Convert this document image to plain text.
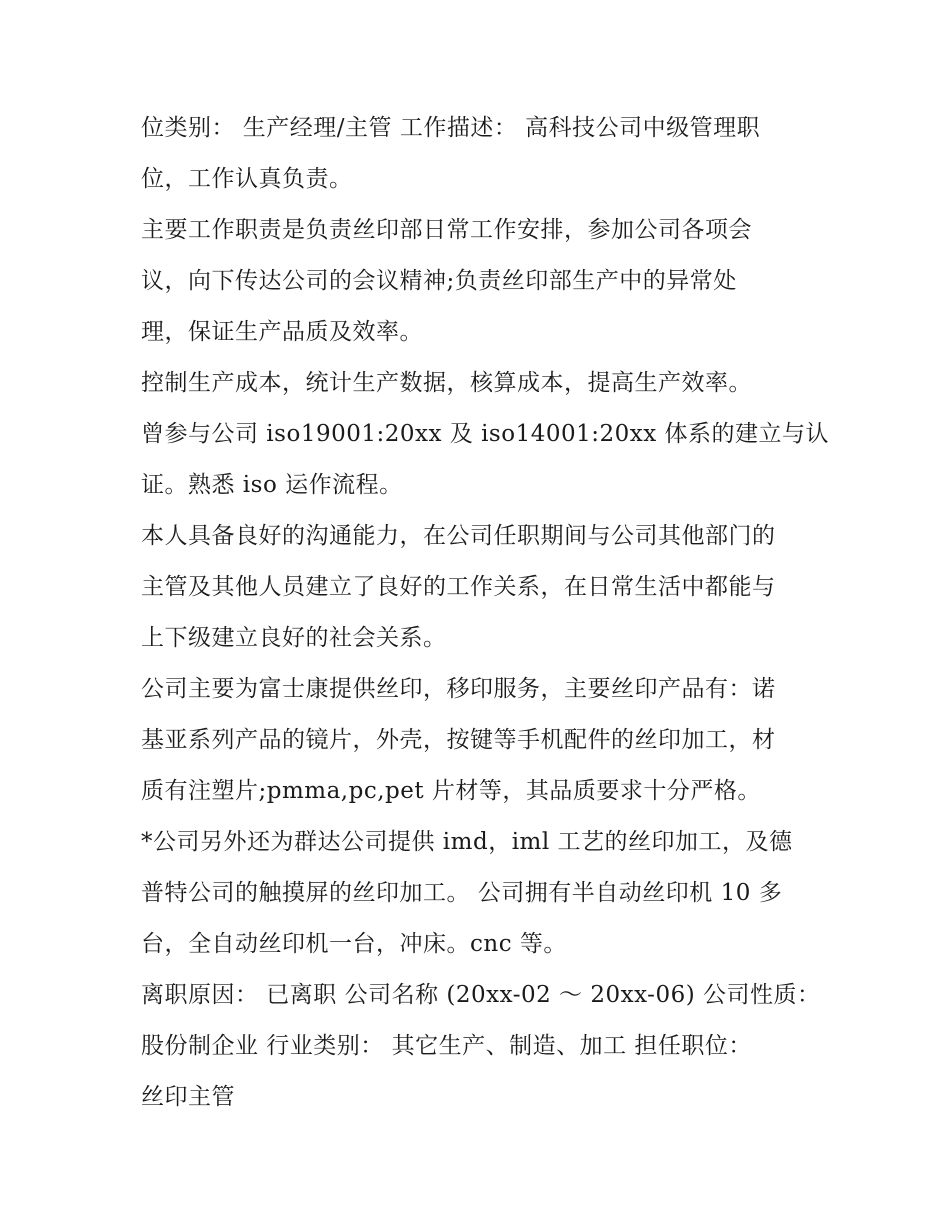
位类别： 生产经理/主管 工作描述： 高科技公司中级管理职
位，工作认真负责。
主要工作职责是负责丝印部日常工作安排，参加公司各项会
议，向下传达公司的会议精神;负责丝印部生产中的异常处
理，保证生产品质及效率。
控制生产成本，统计生产数据，核算成本，提高生产效率。
曾参与公司 iso19001:20xx 及 iso14001:20xx 体系的建立与认
证。熟悉 iso 运作流程。
本人具备良好的沟通能力，在公司任职期间与公司其他部门的
主管及其他人员建立了良好的工作关系，在日常生活中都能与
上下级建立良好的社会关系。
公司主要为富士康提供丝印，移印服务，主要丝印产品有：诺
基亚系列产品的镜片，外壳，按键等手机配件的丝印加工，材
质有注塑片;pmma,pc,pet 片材等，其品质要求十分严格。
*公司另外还为群达公司提供 imd，iml 工艺的丝印加工，及德
普特公司的触摸屏的丝印加工。 公司拥有半自动丝印机 10 多
台，全自动丝印机一台，冲床。cnc 等。
离职原因： 已离职 公司名称 (20xx-02 ～ 20xx-06) 公司性质：
股份制企业 行业类别： 其它生产、制造、加工 担任职位：
丝印主管
